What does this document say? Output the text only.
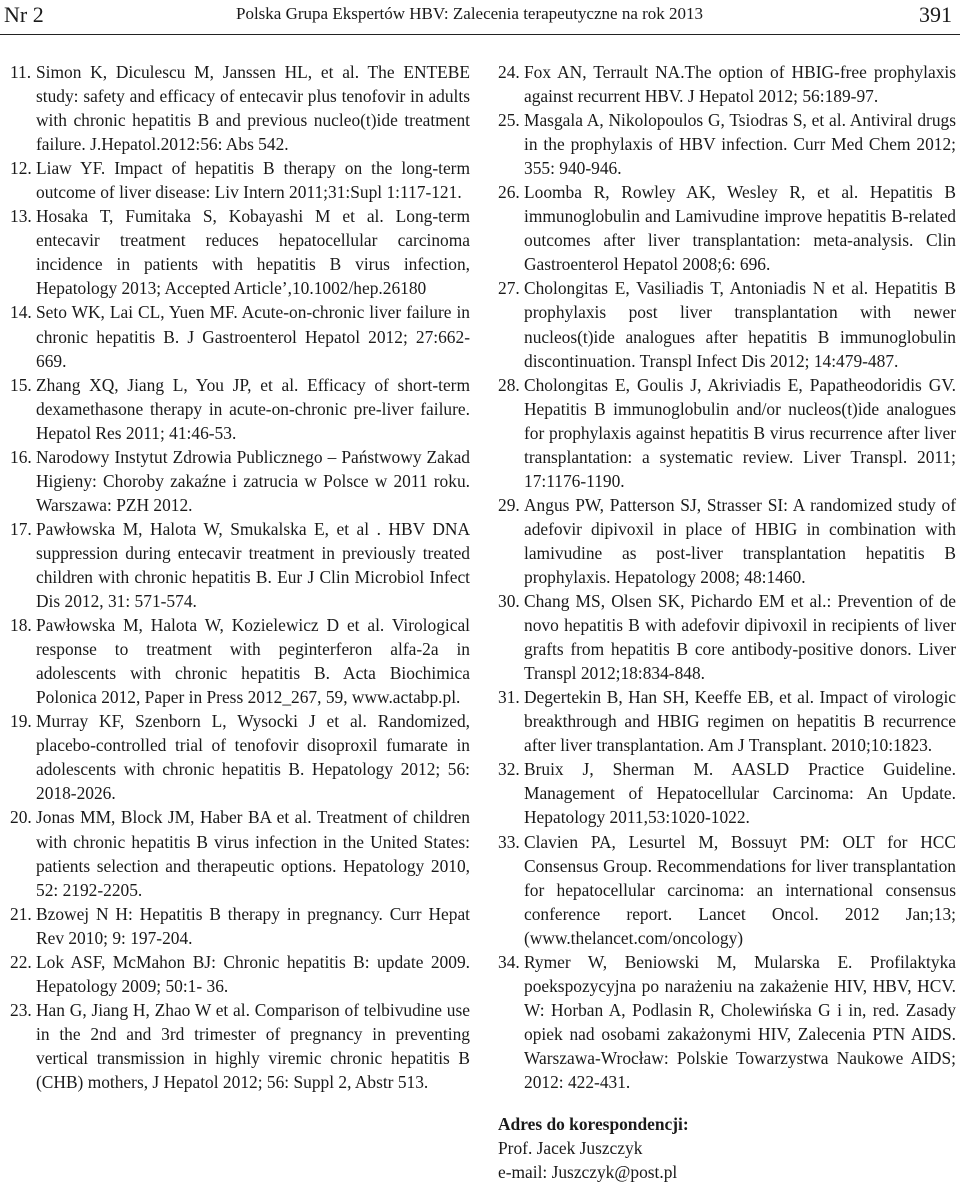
Nr 2	Polska Grupa Ekspertów HBV: Zalecenia terapeutyczne na rok 2013	391
11. Simon K, Diculescu M, Janssen HL, et al. The ENTEBE study: safety and efficacy of entecavir plus tenofovir in adults with chronic hepatitis B and previous nucleo(t)ide treatment failure. J.Hepatol.2012:56: Abs 542.
12. Liaw YF. Impact of hepatitis B therapy on the long-term outcome of liver disease: Liv Intern 2011;31:Supl 1:117-121.
13. Hosaka T, Fumitaka S, Kobayashi M et al. Long-term entecavir treatment reduces hepatocellular carcinoma incidence in patients with hepatitis B virus infection, Hepatology 2013; Accepted Article’,10.1002/hep.26180
14. Seto WK, Lai CL, Yuen MF. Acute-on-chronic liver failure in chronic hepatitis B. J Gastroenterol Hepatol 2012; 27:662-669.
15. Zhang XQ, Jiang L, You JP, et al. Efficacy of short-term dexamethasone therapy in acute-on-chronic pre-liver failure. Hepatol Res 2011; 41:46-53.
16. Narodowy Instytut Zdrowia Publicznego – Państwowy Zakad Higieny: Choroby zakaźne i zatrucia w Polsce w 2011 roku. Warszawa: PZH 2012.
17. Pawłowska M, Halota W, Smukalska E, et al . HBV DNA suppression during entecavir treatment in previously treated children with chronic hepatitis B. Eur J Clin Microbiol Infect Dis 2012, 31: 571-574.
18. Pawłowska M, Halota W, Kozielewicz D et al. Virological response to treatment with peginterferon alfa-2a in adolescents with chronic hepatitis B. Acta Biochimica Polonica 2012, Paper in Press 2012_267, 59, www.actabp.pl.
19. Murray KF, Szenborn L, Wysocki J et al. Randomized, placebo-controlled trial of tenofovir disoproxil fumarate in adolescents with chronic hepatitis B. Hepatology 2012; 56: 2018-2026.
20. Jonas MM, Block JM, Haber BA et al. Treatment of children with chronic hepatitis B virus infection in the United States: patients selection and therapeutic options. Hepatology 2010, 52: 2192-2205.
21. Bzowej N H: Hepatitis B therapy in pregnancy. Curr Hepat Rev 2010; 9: 197-204.
22. Lok ASF, McMahon BJ: Chronic hepatitis B: update 2009. Hepatology 2009; 50:1- 36.
23. Han G, Jiang H, Zhao W et al. Comparison of telbivudine use in the 2nd and 3rd trimester of pregnancy in preventing vertical transmission in highly viremic chronic hepatitis B (CHB) mothers, J Hepatol 2012; 56: Suppl 2, Abstr 513.
24. Fox AN, Terrault NA.The option of HBIG-free prophylaxis against recurrent HBV. J Hepatol 2012; 56:189-97.
25. Masgala A, Nikolopoulos G, Tsiodras S, et al. Antiviral drugs in the prophylaxis of HBV infection. Curr Med Chem 2012; 355: 940-946.
26. Loomba R, Rowley AK, Wesley R, et al. Hepatitis B immunoglobulin and Lamivudine improve hepatitis B-related outcomes after liver transplantation: meta-analysis. Clin Gastroenterol Hepatol 2008;6: 696.
27. Cholongitas E, Vasiliadis T, Antoniadis N et al. Hepatitis B prophylaxis post liver transplantation with newer nucleos(t)ide analogues after hepatitis B immunoglobulin discontinuation. Transpl Infect Dis 2012; 14:479-487.
28. Cholongitas E, Goulis J, Akriviadis E, Papatheodoridis GV. Hepatitis B immunoglobulin and/or nucleos(t)ide analogues for prophylaxis against hepatitis B virus recurrence after liver transplantation: a systematic review. Liver Transpl. 2011; 17:1176-1190.
29. Angus PW, Patterson SJ, Strasser SI: A randomized study of adefovir dipivoxil in place of HBIG in combination with lamivudine as post-liver transplantation hepatitis B prophylaxis. Hepatology 2008; 48:1460.
30. Chang MS, Olsen SK, Pichardo EM et al.: Prevention of de novo hepatitis B with adefovir dipivoxil in recipients of liver grafts from hepatitis B core antibody-positive donors. Liver Transpl 2012;18:834-848.
31. Degertekin B, Han SH, Keeffe EB, et al. Impact of virologic breakthrough and HBIG regimen on hepatitis B recurrence after liver transplantation. Am J Transplant. 2010;10:1823.
32. Bruix J, Sherman M. AASLD Practice Guideline. Management of Hepatocellular Carcinoma: An Update. Hepatology 2011,53:1020-1022.
33. Clavien PA, Lesurtel M, Bossuyt PM: OLT for HCC Consensus Group. Recommendations for liver transplantation for hepatocellular carcinoma: an international consensus conference report. Lancet Oncol. 2012 Jan;13; (www.thelancet.com/oncology)
34. Rymer W, Beniowski M, Mularska E. Profilaktyka poekspozycyjna po narażeniu na zakażenie HIV, HBV, HCV. W: Horban A, Podlasin R, Cholewińska G i in, red. Zasady opiek nad osobami zakażonymi HIV, Zalecenia PTN AIDS. Warszawa-Wrocław: Polskie Towarzystwa Naukowe AIDS; 2012: 422-431.
Adres do korespondencji:
Prof. Jacek Juszczyk
e-mail: Juszczyk@post.pl
